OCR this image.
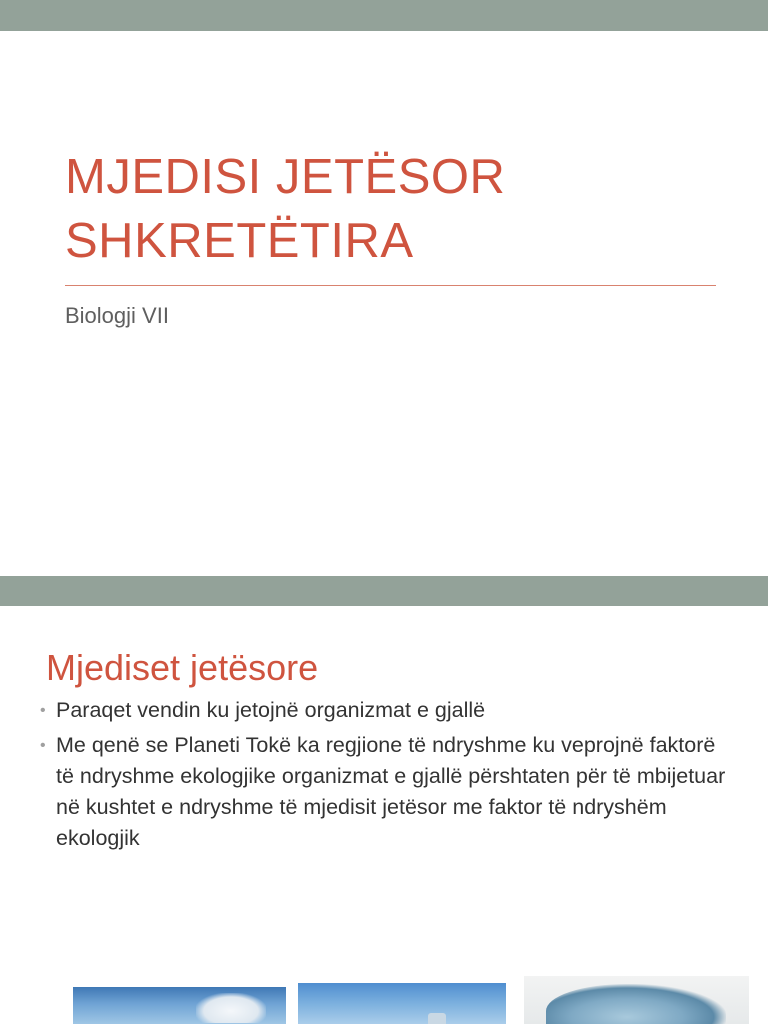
MJEDISI JETËSOR
SHKRETËTIRA
Biologji VII
Mjediset jetësore
• Paraqet vendin ku jetojnë organizmat e gjallë
• Me qenë se Planeti Tokë ka regjione të ndryshme ku veprojnë faktorë të ndryshme ekologjike organizmat e gjallë përshtaten për të mbijetuar në kushtet e ndryshme të mjedisit jetësor me faktor të ndryshëm ekologjik
